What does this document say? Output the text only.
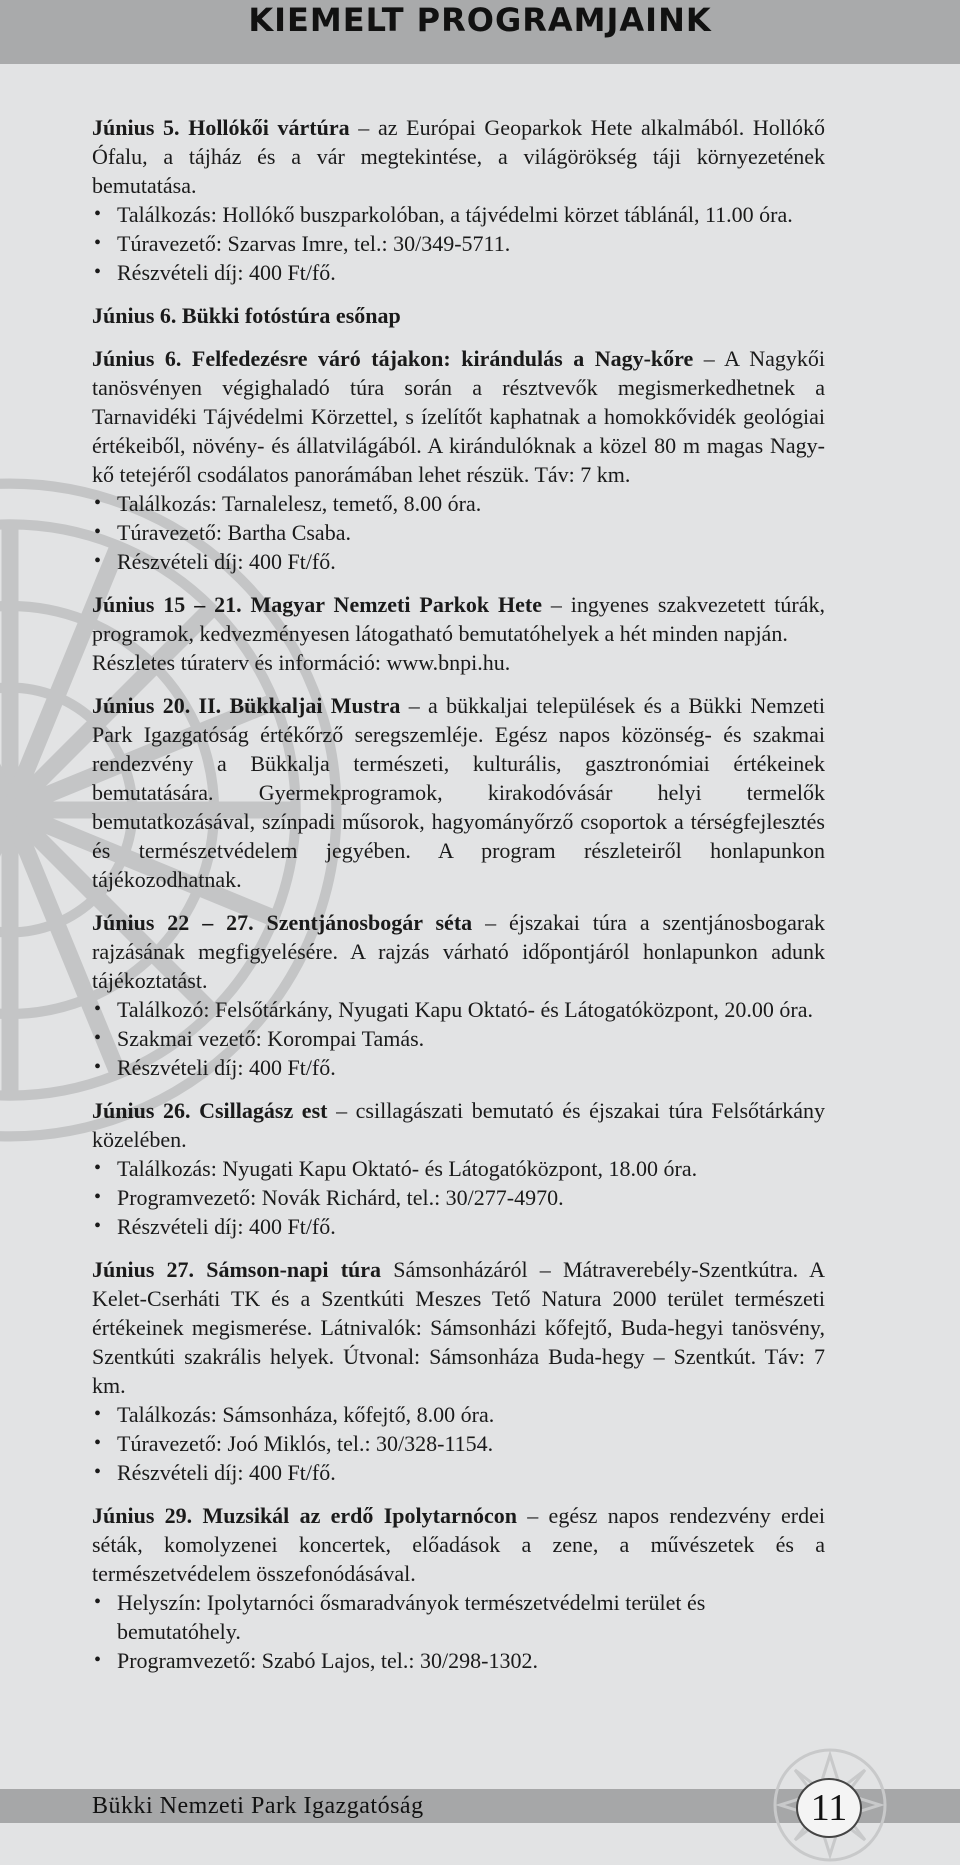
KIEMELT PROGRAMJAINK

Június 5. Hollókői vártúra – az Európai Geoparkok Hete alkalmából. Hollókő Ófalu, a tájház és a vár megtekintése, a világörökség táji környezetének bemutatása.

• Találkozás: Hollókő buszparkolóban, a tájvédelmi körzet táblánál, 11.00 óra.
• Túravezető: Szarvas Imre, tel.: 30/349-5711.
• Részvételi díj: 400 Ft/fő.

Június 6. Bükki fotóstúra esőnap

Június 6. Felfedezésre váró tájakon: kirándulás a Nagy-kőre – A Nagykői tanösvényen végighaladó túra során a résztvevők megismerkedhetnek a Tarnavidéki Tájvédelmi Körzettel, s ízelítőt kaphatnak a homokkővidék geológiai értékeiből, növény- és állatvilágából. A kirándulóknak a közel 80 m magas Nagy-kő tetejéről csodálatos panorámában lehet részük. Táv: 7 km.

• Találkozás: Tarnalelesz, temető, 8.00 óra.
• Túravezető: Bartha Csaba.
• Részvételi díj: 400 Ft/fő.

Június 15 – 21. Magyar Nemzeti Parkok Hete – ingyenes szakvezetett túrák, programok, kedvezményesen látogatható bemutatóhelyek a hét minden napján.

Részletes túraterv és információ: www.bnpi.hu.

Június 20. II. Bükkaljai Mustra – a bükkaljai települések és a Bükki Nemzeti Park Igazgatóság értékőrző seregszemléje. Egész napos közönség- és szakmai rendezvény a Bükkalja természeti, kulturális, gasztronómiai értékeinek bemutatására. Gyermekprogramok, kirakodóvásár helyi termelők bemutatkozásával, színpadi műsorok, hagyományőrző csoportok a térségfejlesztés és természetvédelem jegyében. A program részleteiről honlapunkon tájékozodhatnak.

Június 22 – 27. Szentjánosbogár séta – éjszakai túra a szentjánosbogarak rajzásának megfigyelésére. A rajzás várható időpontjáról honlapunkon adunk tájékoztatást.

• Találkozó: Felsőtárkány, Nyugati Kapu Oktató- és Látogatóközpont, 20.00 óra.
• Szakmai vezető: Korompai Tamás.
• Részvételi díj: 400 Ft/fő.

Június 26. Csillagász est – csillagászati bemutató és éjszakai túra Felsőtárkány közelében.

• Találkozás: Nyugati Kapu Oktató- és Látogatóközpont, 18.00 óra.
• Programvezető: Novák Richárd, tel.: 30/277-4970.
• Részvételi díj: 400 Ft/fő.

Június 27. Sámson-napi túra Sámsonházáról – Mátraverebély-Szentkútra. A Kelet-Cserháti TK és a Szentkúti Meszes Tető Natura 2000 terület természeti értékeinek megismerése. Látnivalók: Sámsonházi kőfejtő, Buda-hegyi tanösvény, Szentkúti szakrális helyek. Útvonal: Sámsonháza Buda-hegy – Szentkút. Táv: 7 km.

• Találkozás: Sámsonháza, kőfejtő, 8.00 óra.
• Túravezető: Joó Miklós, tel.: 30/328-1154.
• Részvételi díj: 400 Ft/fő.

Június 29. Muzsikál az erdő Ipolytarnócon – egész napos rendezvény erdei séták, komolyzenei koncertek, előadások a zene, a művészetek és a természetvédelem összefonódásával.

• Helyszín: Ipolytarnóci ősmaradványok természetvédelmi terület és bemutatóhely.
• Programvezető: Szabó Lajos, tel.: 30/298-1302.
Bükki Nemzeti Park Igazgatóság	11
